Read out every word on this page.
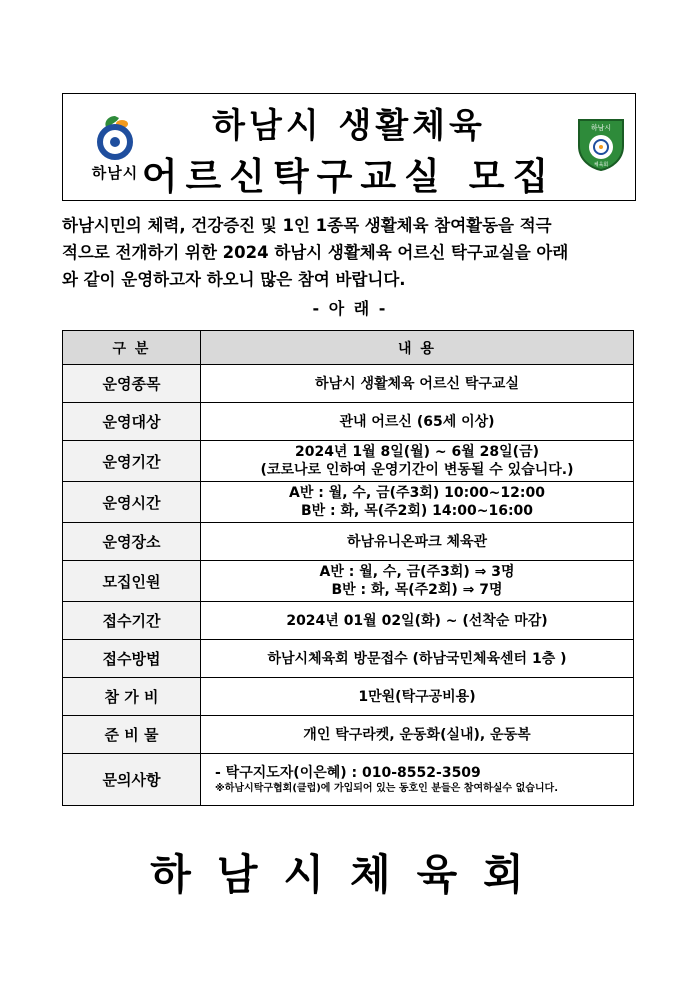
하남시
하남시 생활체육
어르신탁구교실 모집
하남시
체육회
하남시민의 체력, 건강증진 및 1인 1종목 생활체육 참여활동을 적극
적으로 전개하기 위한 2024 하남시 생활체육 어르신 탁구교실을 아래
와 같이 운영하고자 하오니 많은 참여 바랍니다.
- 아 래 -
구 분	내 용
운영종목	하남시 생활체육 어르신 탁구교실

운영대상	관내 어르신 (65세 이상)

운영기간	2024년 1월 8일(월) ~ 6월 28일(금)
(코로나로 인하여 운영기간이 변동될 수 있습니다.)

운영시간	A반 : 월, 수, 금(주3회) 10:00~12:00
B반 : 화, 목(주2회) 14:00~16:00

운영장소	하남유니온파크 체육관

모집인원	A반 : 월, 수, 금(주3회) ⇒ 3명
B반 : 화, 목(주2회) ⇒ 7명

접수기간	2024년 01월 02일(화) ~ (선착순 마감)

접수방법	하남시체육회 방문접수 (하남국민체육센터 1층 )

참 가 비	1만원(탁구공비용)

준 비 물	개인 탁구라켓, 운동화(실내), 운동복

문의사항	- 탁구지도자(이은혜) : 010-8552-3509
※하남시탁구협회(클럽)에 가입되어 있는 동호인 분들은 참여하실수 없습니다.
하남시체육회
